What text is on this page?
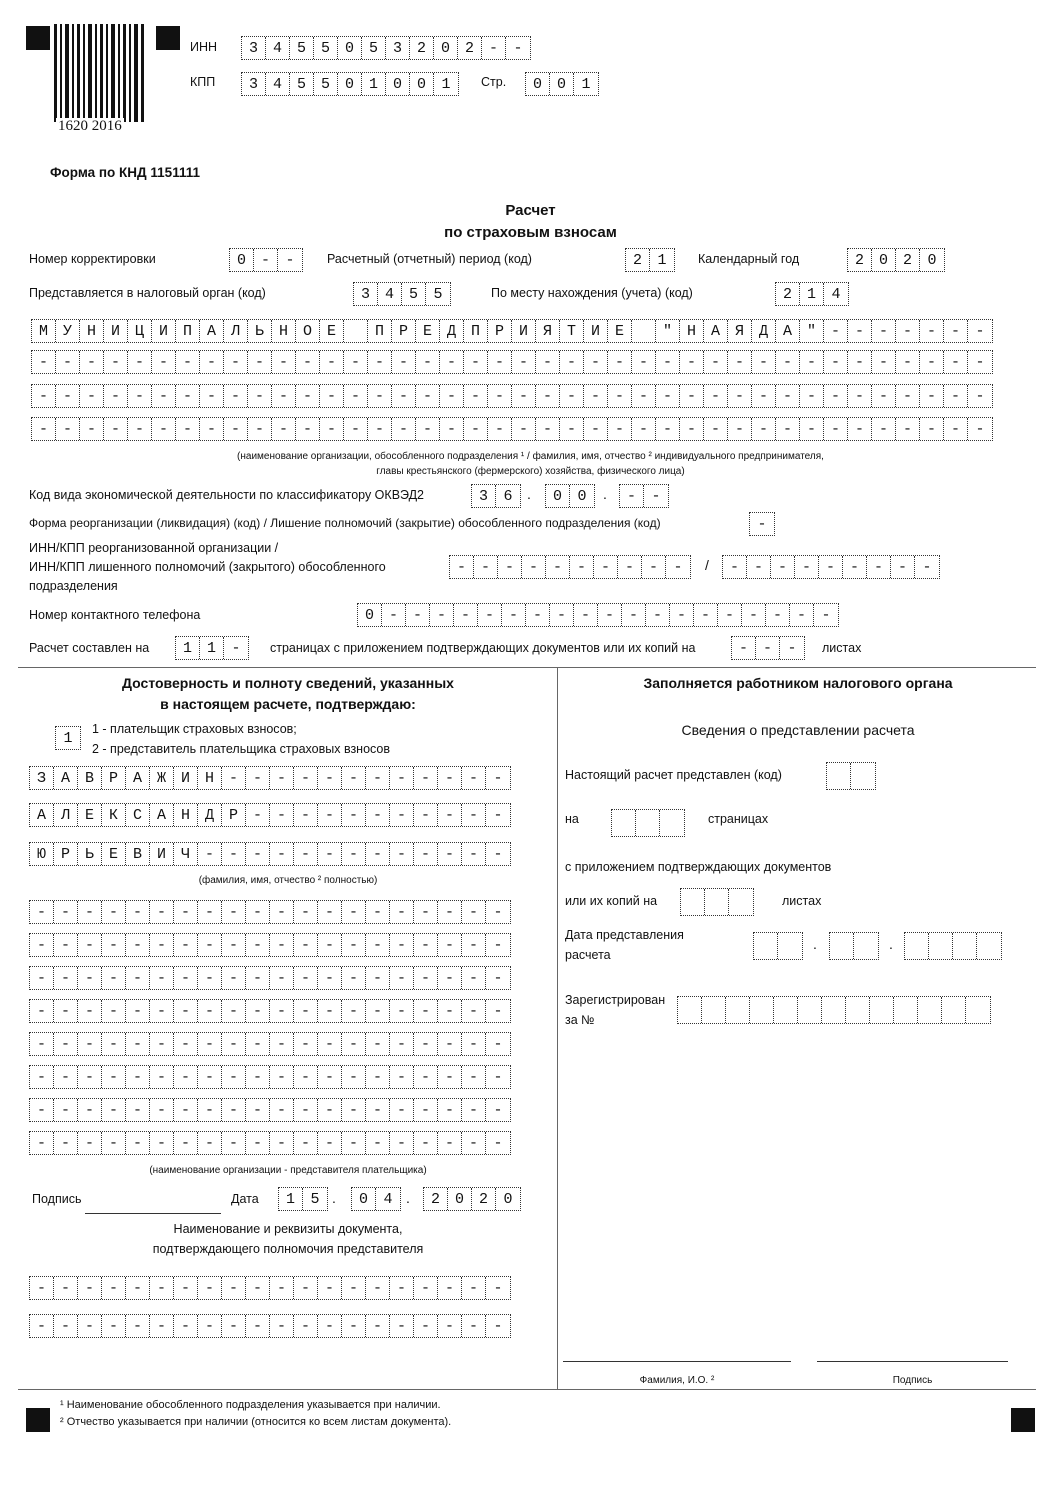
1620 2016
ИНН	3 4 5 5 0 5 3 2 0 2 -	-
КПП	3 4 5 5 0 1 0 0	1	Стр.	0 0	1
Форма по КНД 1151111
Расчет
по страховым взносам
Номер корректировки	0 -	-	Расчетный (отчетный) период (код)	2	1	Календарный год	2 0 2	0
Представляется в налоговый орган (код)	3 4 5	5	По месту нахождения (учета) (код)	2 1	4
М У Н И Ц И П А Л Ь Н О Е	П Р Е Д П Р И Я Т И Е	" Н А Я Д А " - - - - - -	-
- - - - - - - - - - - - - - - - - - - - - - - - - - - - - - - - - - - - - - -	-
- - - - - - - - - - - - - - - - - - - - - - - - - - - - - - - - - - - - - - -	-
- - - - - - - - - - - - - - - - - - - - - - - - - - - - - - - - - - - - - - -	-
(наименование организации, обособленного подразделения ¹ / фамилия, имя, отчество ² индивидуального предпринимателя,
главы крестьянского (фермерского) хозяйства, физического лица)
Код вида экономической деятельности по классификатору ОКВЭД2	3	6	.	0	0	.	-	-
Форма реорганизации (ликвидация) (код) / Лишение полномочий (закрытие) обособленного подразделения (код)	-
ИНН/КПП реорганизованной организации /
ИНН/КПП лишенного полномочий (закрытого) обособленного
подразделения
- - - - - - - - -	-	/	- - - - - - - -	-
Номер контактного телефона	0 - - - - - - - - - - - - - - - - - -	-
Расчет составлен на	1 1	-	страницах с приложением подтверждающих документов или их копий на	- -	-	листах
Достоверность и полноту сведений, указанных
в настоящем расчете, подтверждаю:
1
1 - плательщик страховых взносов;
2 - представитель плательщика страховых взносов
З А В Р А Ж И Н - - - - - - - - - - -	-
А Л Е К С А Н Д Р - - - - - - - - - -	-
Ю Р Ь Е В И Ч - - - - - - - - - - - -	-
(фамилия, имя, отчество ² полностью)
- - - - - - - - - - - - - - - - - - -	-
- - - - - - - - - - - - - - - - - - -	-
- - - - - - - - - - - - - - - - - - -	-
- - - - - - - - - - - - - - - - - - -	-
- - - - - - - - - - - - - - - - - - -	-
- - - - - - - - - - - - - - - - - - -	-
- - - - - - - - - - - - - - - - - - -	-
- - - - - - - - - - - - - - - - - - -	-
(наименование организации - представителя плательщика)
Подпись	Дата	1	5 .	0	4 .	2 0 2	0
Наименование и реквизиты документа,
подтверждающего полномочия представителя
- - - - - - - - - - - - - - - - - - -	-
- - - - - - - - - - - - - - - - - - -	-
Заполняется работником налогового органа
Сведения о представлении расчета
Настоящий расчет представлен (код)
на	страницах
с приложением подтверждающих документов
или их копий на	листах
Дата представления
расчета
.	.
Зарегистрирован
за №
Фамилия, И.О. ²	Подпись
¹ Наименование обособленного подразделения указывается при наличии.
² Отчество указывается при наличии (относится ко всем листам документа).
